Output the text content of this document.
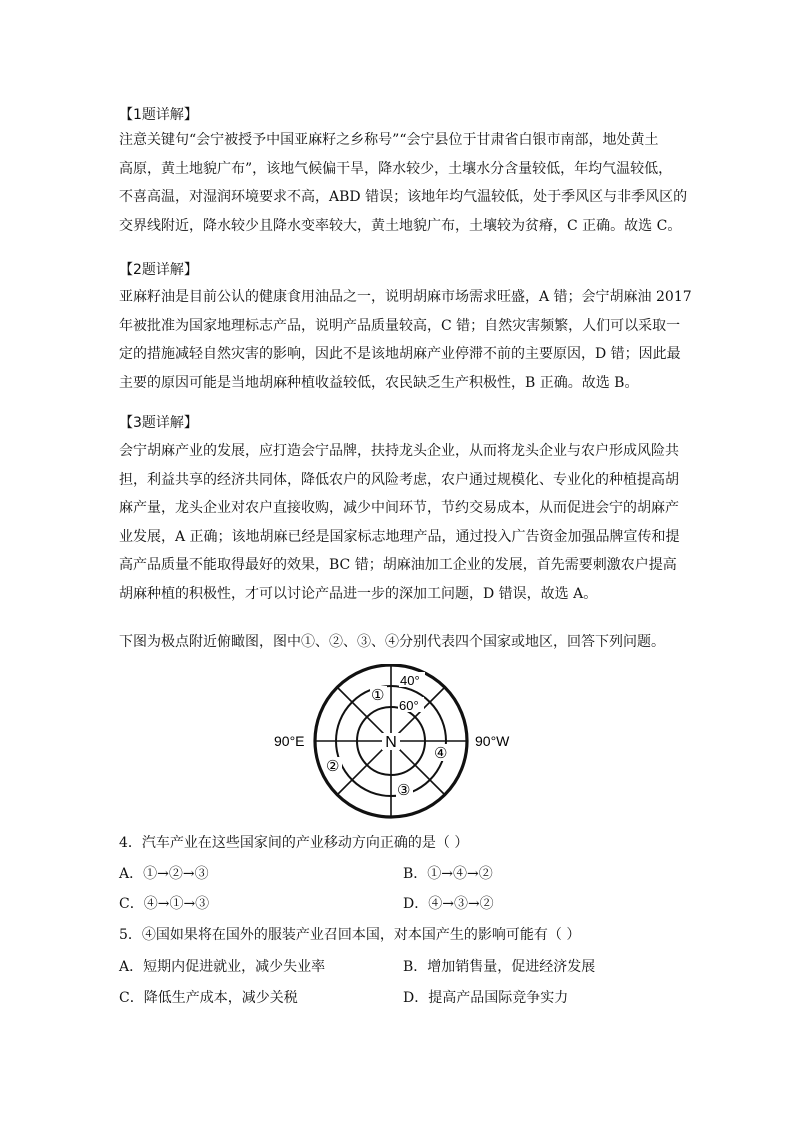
【1题详解】
注意关键句“会宁被授予中国亚麻籽之乡称号”“会宁县位于甘肃省白银市南部，地处黄土
高原，黄土地貌广布”，该地气候偏干旱，降水较少，土壤水分含量较低，年均气温较低，
不喜高温，对湿润环境要求不高，ABD 错误；该地年均气温较低，处于季风区与非季风区的
交界线附近，降水较少且降水变率较大，黄土地貌广布，土壤较为贫瘠，C 正确。故选 C。
【2题详解】
亚麻籽油是目前公认的健康食用油品之一，说明胡麻市场需求旺盛，A 错；会宁胡麻油 2017
年被批准为国家地理标志产品，说明产品质量较高，C 错；自然灾害频繁，人们可以采取一
定的措施减轻自然灾害的影响，因此不是该地胡麻产业停滞不前的主要原因，D 错；因此最
主要的原因可能是当地胡麻种植收益较低，农民缺乏生产积极性，B 正确。故选 B。
【3题详解】
会宁胡麻产业的发展，应打造会宁品牌，扶持龙头企业，从而将龙头企业与农户形成风险共
担，利益共享的经济共同体，降低农户的风险考虑，农户通过规模化、专业化的种植提高胡
麻产量，龙头企业对农户直接收购，减少中间环节，节约交易成本，从而促进会宁的胡麻产
业发展，A 正确；该地胡麻已经是国家标志地理产品，通过投入广告资金加强品牌宣传和提
高产品质量不能取得最好的效果，BC 错；胡麻油加工企业的发展，首先需要刺激农户提高
胡麻种植的积极性，才可以讨论产品进一步的深加工问题，D 错误，故选 A。
下图为极点附近俯瞰图，图中①、②、③、④分别代表四个国家或地区，回答下列问题。
N
40°
60°
90°E	90°W
①
②
③
④
4．汽车产业在这些国家间的产业移动方向正确的是（ ）
A．①→②→③	B．①→④→②
C．④→①→③	D．④→③→②
5．④国如果将在国外的服装产业召回本国，对本国产生的影响可能有（ ）
A．短期内促进就业，减少失业率	B．增加销售量，促进经济发展
C．降低生产成本，减少关税	D．提高产品国际竞争实力
